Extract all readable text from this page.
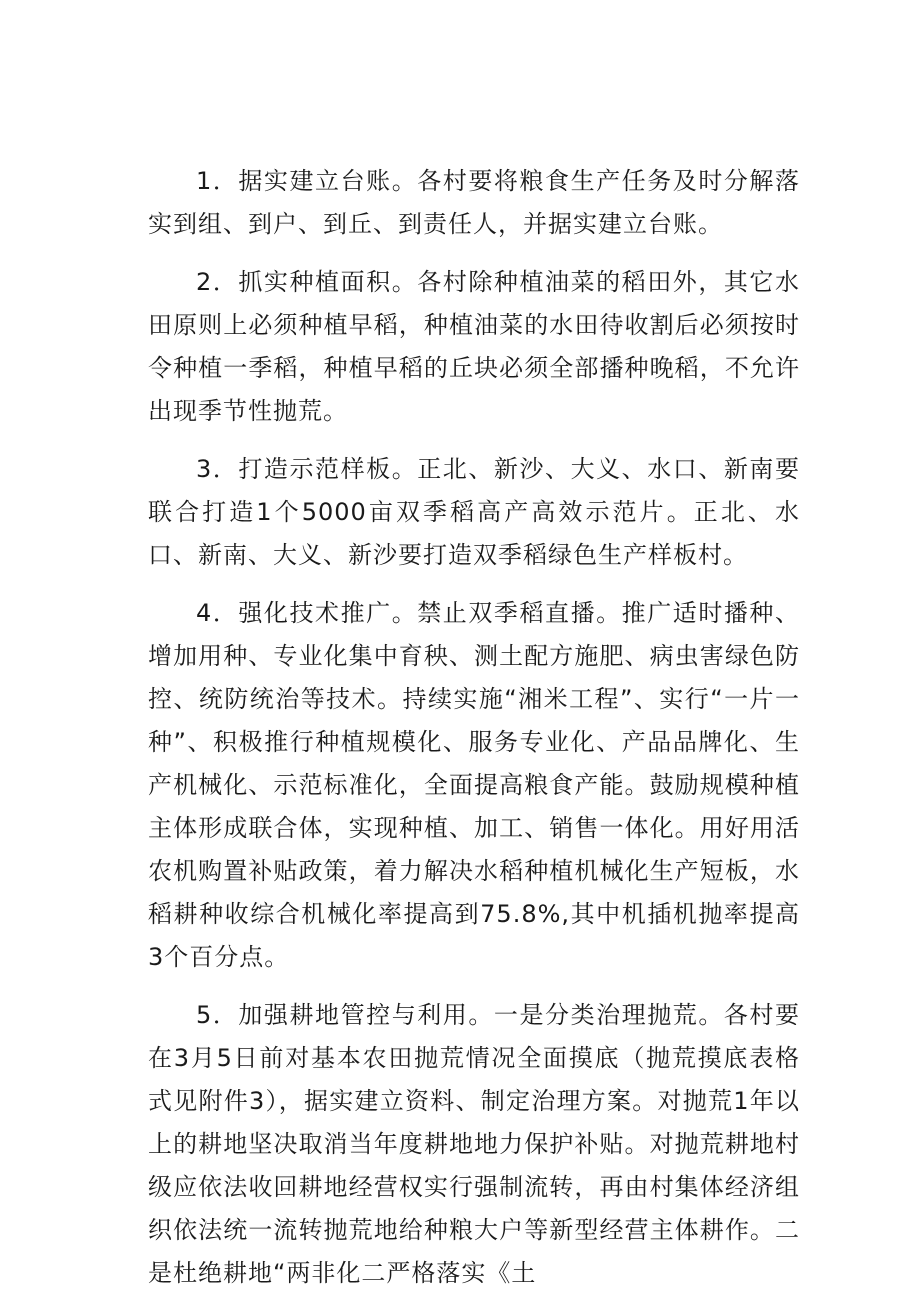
1．据实建立台账。各村要将粮食生产任务及时分解落实到组、到户、到丘、到责任人，并据实建立台账。

2．抓实种植面积。各村除种植油菜的稻田外，其它水田原则上必须种植早稻，种植油菜的水田待收割后必须按时令种植一季稻，种植早稻的丘块必须全部播种晚稻，不允许出现季节性抛荒。

3．打造示范样板。正北、新沙、大义、水口、新南要联合打造1个5000亩双季稻高产高效示范片。正北、水口、新南、大义、新沙要打造双季稻绿色生产样板村。

4．强化技术推广。禁止双季稻直播。推广适时播种、增加用种、专业化集中育秧、测土配方施肥、病虫害绿色防控、统防统治等技术。持续实施“湘米工程”、实行“一片一种”、积极推行种植规模化、服务专业化、产品品牌化、生产机械化、示范标准化，全面提高粮食产能。鼓励规模种植主体形成联合体，实现种植、加工、销售一体化。用好用活农机购置补贴政策，着力解决水稻种植机械化生产短板，水稻耕种收综合机械化率提高到75.8%,其中机插机抛率提高3个百分点。

5．加强耕地管控与利用。一是分类治理抛荒。各村要在3月5日前对基本农田抛荒情况全面摸底（抛荒摸底表格式见附件3），据实建立资料、制定治理方案。对抛荒1年以上的耕地坚决取消当年度耕地地力保护补贴。对抛荒耕地村级应依法收回耕地经营权实行强制流转，再由村集体经济组织依法统一流转抛荒地给种粮大户等新型经营主体耕作。二是杜绝耕地“两非化二严格落实《土
